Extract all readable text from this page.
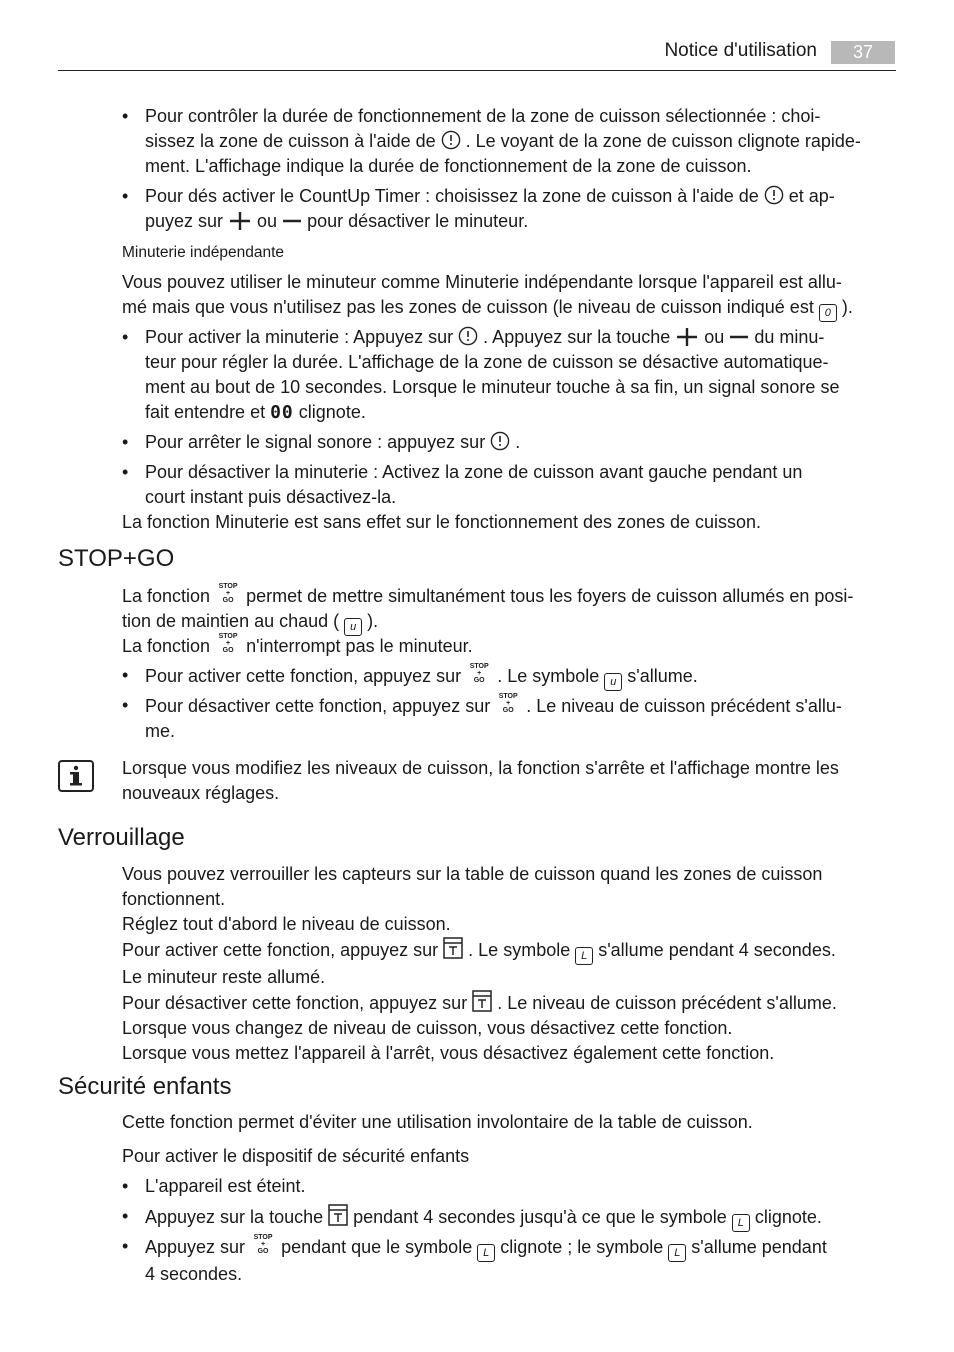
Notice d'utilisation	37
• Pour contrôler la durée de fonctionnement de la zone de cuisson sélectionnée : choi-
sissez la zone de cuisson à l'aide de  . Le voyant de la zone de cuisson clignote rapide-
ment. L'affichage indique la durée de fonctionnement de la zone de cuisson.
• Pour dés activer le CountUp Timer : choisissez la zone de cuisson à l'aide de  et ap-
puyez sur  ou  pour désactiver le minuteur.
Minuterie indépendante
Vous pouvez utiliser le minuteur comme Minuterie indépendante lorsque l'appareil est allu-
mé mais que vous n'utilisez pas les zones de cuisson (le niveau de cuisson indiqué est 0 ).
• Pour activer la minuterie : Appuyez sur  . Appuyez sur la touche  ou  du minu-
teur pour régler la durée. L'affichage de la zone de cuisson se désactive automatique-
ment au bout de 10 secondes. Lorsque le minuteur touche à sa fin, un signal sonore se
fait entendre et 00 clignote.
• Pour arrêter le signal sonore : appuyez sur  .
• Pour désactiver la minuterie : Activez la zone de cuisson avant gauche pendant un
court instant puis désactivez-la.
La fonction Minuterie est sans effet sur le fonctionnement des zones de cuisson.
STOP+GO
La fonction STOP
+
GO permet de mettre simultanément tous les foyers de cuisson allumés en posi-
tion de maintien au chaud ( u ).
La fonction STOP
+
GO n'interrompt pas le minuteur.
• Pour activer cette fonction, appuyez sur STOP
+
GO . Le symbole u s'allume.
• Pour désactiver cette fonction, appuyez sur STOP
+
GO . Le niveau de cuisson précédent s'allu-
me.
Lorsque vous modifiez les niveaux de cuisson, la fonction s'arrête et l'affichage montre les
nouveaux réglages.
Verrouillage
Vous pouvez verrouiller les capteurs sur la table de cuisson quand les zones de cuisson
fonctionnent.
Réglez tout d'abord le niveau de cuisson.
Pour activer cette fonction, appuyez sur  . Le symbole L s'allume pendant 4 secondes.
Le minuteur reste allumé.
Pour désactiver cette fonction, appuyez sur  . Le niveau de cuisson précédent s'allume.
Lorsque vous changez de niveau de cuisson, vous désactivez cette fonction.
Lorsque vous mettez l'appareil à l'arrêt, vous désactivez également cette fonction.
Sécurité enfants
Cette fonction permet d'éviter une utilisation involontaire de la table de cuisson.
Pour activer le dispositif de sécurité enfants
• L'appareil est éteint.
• Appuyez sur la touche  pendant 4 secondes jusqu'à ce que le symbole L clignote.
• Appuyez sur STOP
+
GO pendant que le symbole L clignote ; le symbole L s'allume pendant
4 secondes.
